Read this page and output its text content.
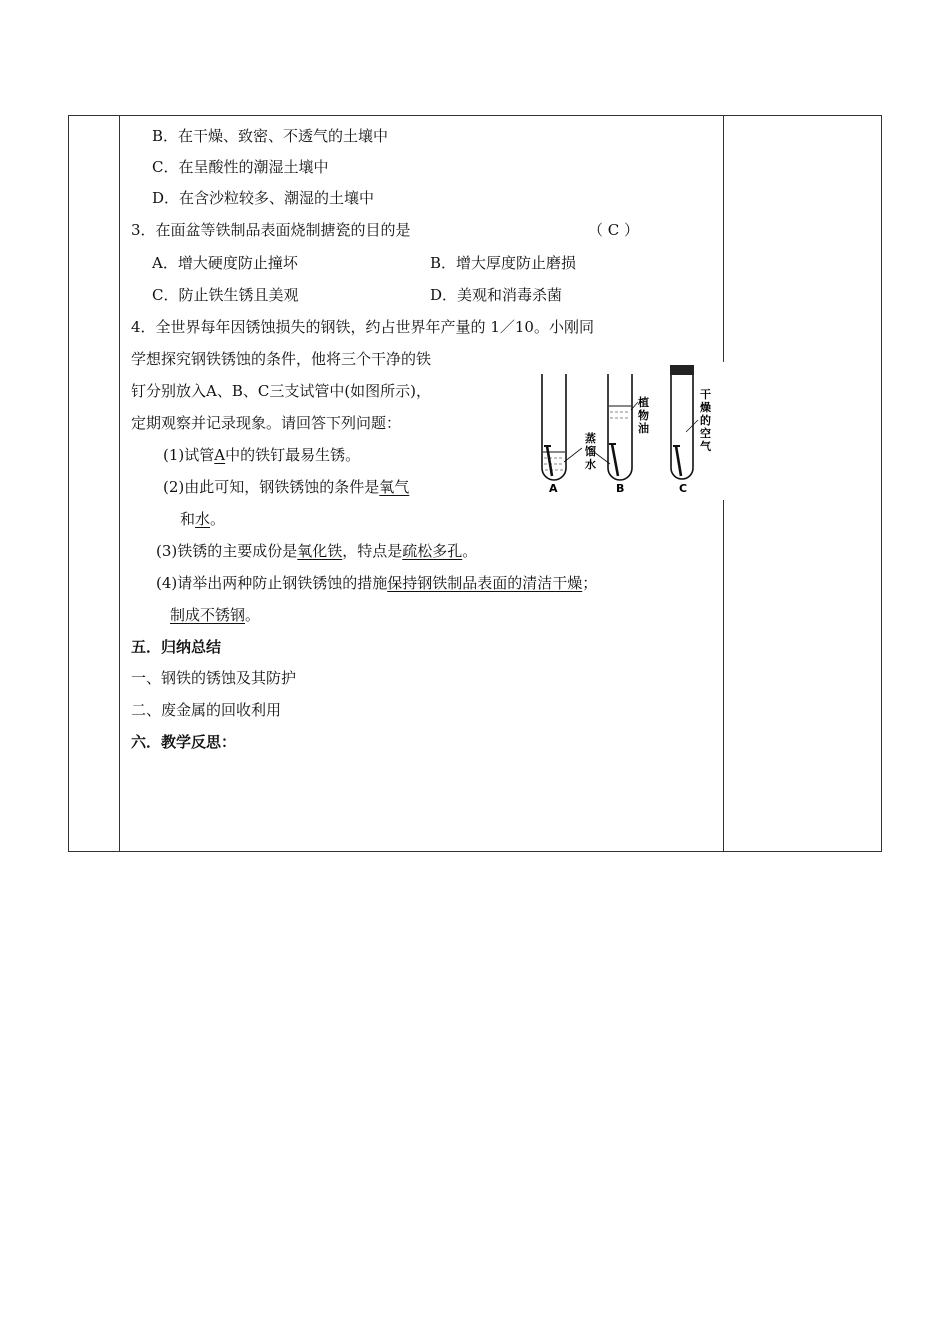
B．在干燥、致密、不透气的土壤中
C．在呈酸性的潮湿土壤中
D．在含沙粒较多、潮湿的土壤中
3．在面盆等铁制品表面烧制搪瓷的目的是	（ C ）
A．增大硬度防止撞坏	B．增大厚度防止磨损
C．防止铁生锈且美观	D．美观和消毒杀菌
4．全世界每年因锈蚀损失的钢铁，约占世界年产量的 1／10。小刚同
学想探究钢铁锈蚀的条件，他将三个干净的铁
钉分别放入A、B、C三支试管中(如图所示)，
定期观察并记录现象。请回答下列问题：
(1)试管A中的铁钉最易生锈。
(2)由此可知，钢铁锈蚀的条件是氧气
和水。
(3)铁锈的主要成份是氧化铁，特点是疏松多孔。
(4)请举出两种防止钢铁锈蚀的措施保持钢铁制品表面的清洁干燥；
制成不锈钢。
五．归纳总结
一、钢铁的锈蚀及其防护
二、废金属的回收利用
六．教学反思：
蒸
馏
水
A
植
物
油
B
干
燥
的
空
气
C
